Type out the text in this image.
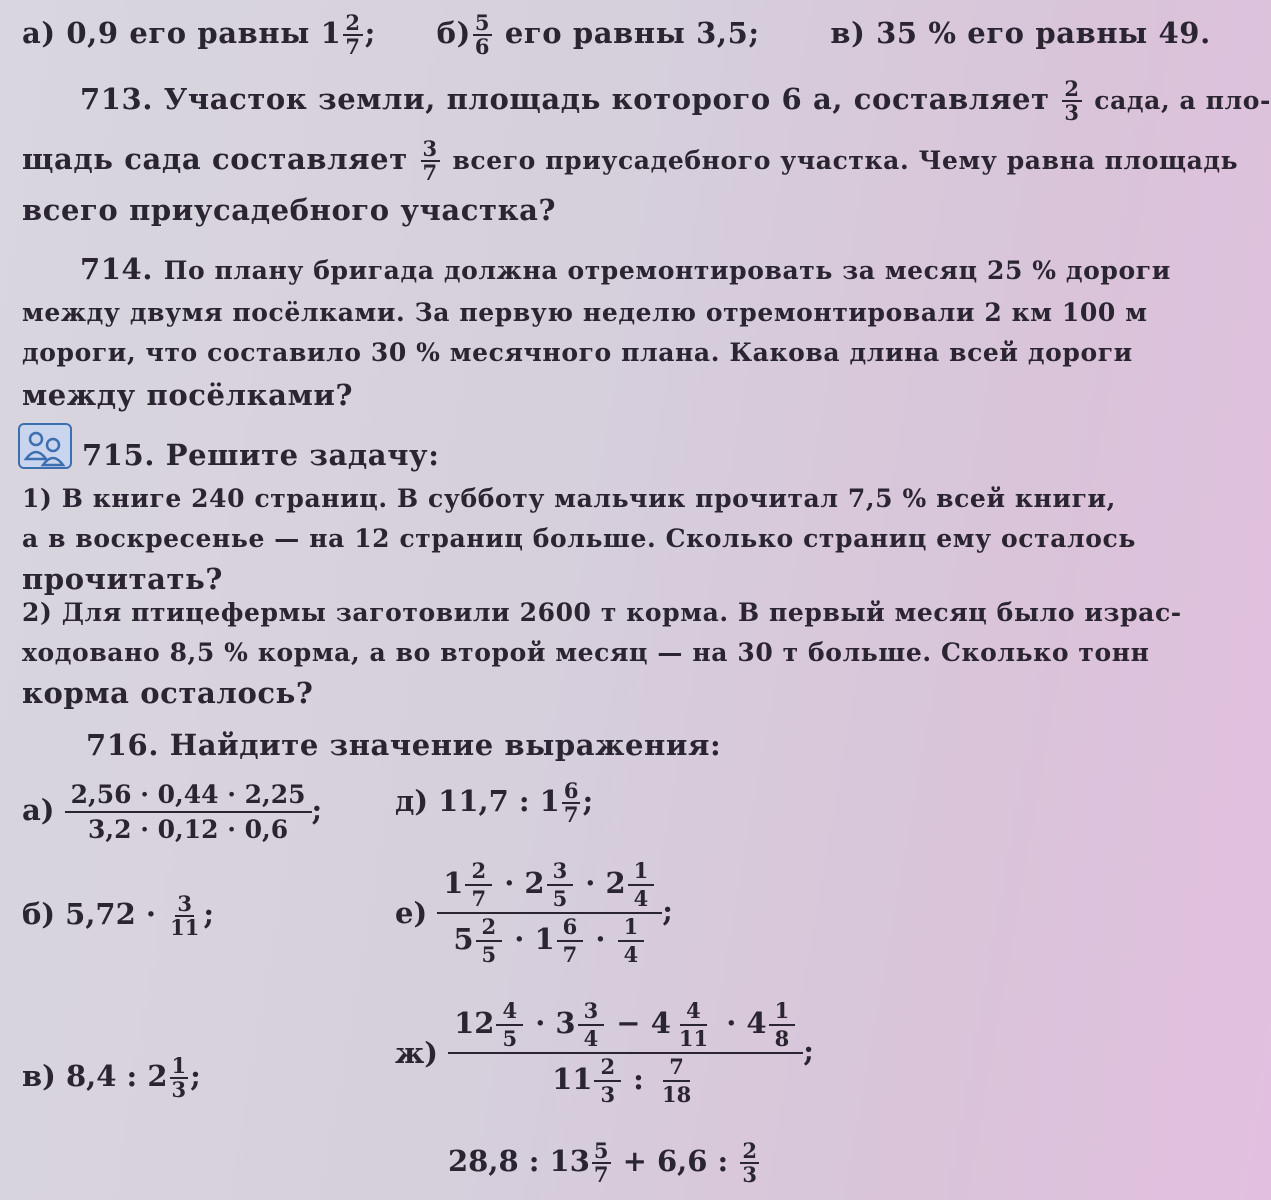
а) 0,9 его равны $1 \frac{2}{7}$ ; $б) \frac{5}{6}$ его равны 3,5; в) 35 % его равны 49.
713. Участок земли, площадь которого 6 а, составляет $\frac{2}{3}$ сада, а пло-
щадь сада составляет $\frac{3}{7}$ всего приусадебного участка. Чему равна площадь
всего приусадебного участка?
714. По плану бригада должна отремонтировать за месяц 25 % дороги
между двумя посёлками. За первую неделю отремонтировали 2 км 100 м
дороги, что составило 30 % месячного плана. Какова длина всей дороги
между посёлками?
715. Решите задачу:
1) В книге 240 страниц. В субботу мальчик прочитал 7,5 % всей книги,
а в воскресенье — на 12 страниц больше. Сколько страниц ему осталось
прочитать?
2) Для птицефермы заготовили 2600 т корма. В первый месяц было израс-
ходовано 8,5 % корма, а во второй месяц — на 30 т больше. Сколько тонн
корма осталось?
716. Найдите значение выражения:
$а) \frac{2,56 \cdot 0,44 \cdot 2,25}{3,2 \cdot 0,12 \cdot 0,6}$ ;	д) 11,7 : $1 \frac{6}{7}$ ;
б) $5,72 \cdot \frac{3}{11}$ ;	$е) \frac{1 \frac{2}{7} \cdot 2 \frac{3}{5} \cdot 2 \frac{1}{4}}{5 \frac{2}{5} \cdot 1 \frac{6}{7} \cdot \frac{1}{4}}$ ;
в) 8,4 : $2 \frac{1}{3}$ ;
$ж) \frac{12 \frac{4}{5} \cdot 3 \frac{3}{4} - 4 \frac{4}{11} \cdot 4 \frac{1}{8}}{11 \frac{2}{3} : \frac{7}{18}}$ ;
28,8 : $13 \frac{5}{7} + 6,6$ : $\frac{2}{3}$
